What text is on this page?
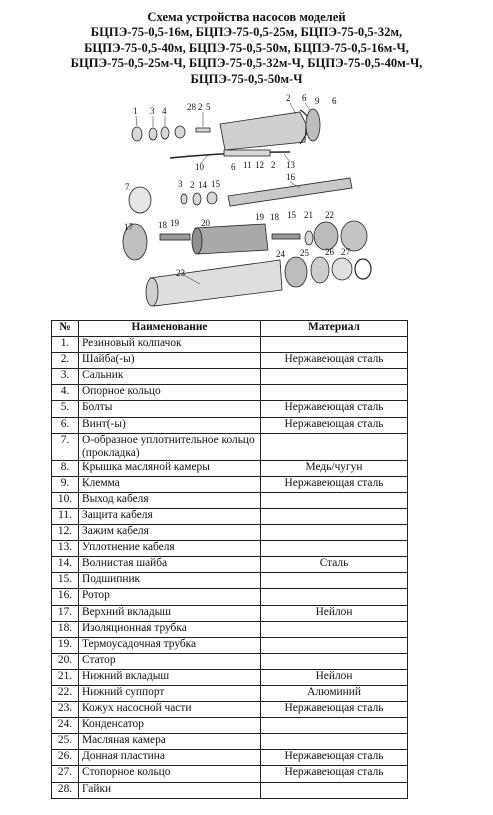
Схема устройства насосов моделей
БЦПЭ-75-0,5-16м, БЦПЭ-75-0,5-25м, БЦПЭ-75-0,5-32м,
БЦПЭ-75-0,5-40м, БЦПЭ-75-0,5-50м, БЦПЭ-75-0,5-16м-Ч,
БЦПЭ-75-0,5-25м-Ч, БЦПЭ-75-0,5-32м-Ч, БЦПЭ-75-0,5-40м-Ч,
БЦПЭ-75-0,5-50м-Ч
1 3 4 28 2 5
2 6 9 6
10	6 11 12 2 13
7	3 2 14 15
16
17	18 19 20
19 18 15 21 22
23
24 25 26 27
№	Наименование	Материал
1.	Резиновый колпачок	
2.	Шайба(-ы)	Нержавеющая сталь
3.	Сальник	
4.	Опорное кольцо	
5.	Болты	Нержавеющая сталь
6.	Винт(-ы)	Нержавеющая сталь
7.	О-образное уплотнительное кольцо (прокладка)	
8.	Крышка масляной камеры	Медь/чугун
9.	Клемма	Нержавеющая сталь
10.	Выход кабеля	
11.	Защита кабеля	
12.	Зажим кабеля	
13.	Уплотнение кабеля	
14.	Волнистая шайба	Сталь
15.	Подшипник	
16.	Ротор	
17.	Верхний вкладыш	Нейлон
18.	Изоляционная трубка	
19.	Термоусадочная трубка	
20.	Статор	
21.	Нижний вкладыш	Нейлон
22.	Нижний суппорт	Алюминий
23.	Кожух насосной части	Нержавеющая сталь
24.	Конденсатор	
25.	Масляная камера	
26.	Донная пластина	Нержавеющая сталь
27.	Стопорное кольцо	Нержавеющая сталь
28.	Гайки	
